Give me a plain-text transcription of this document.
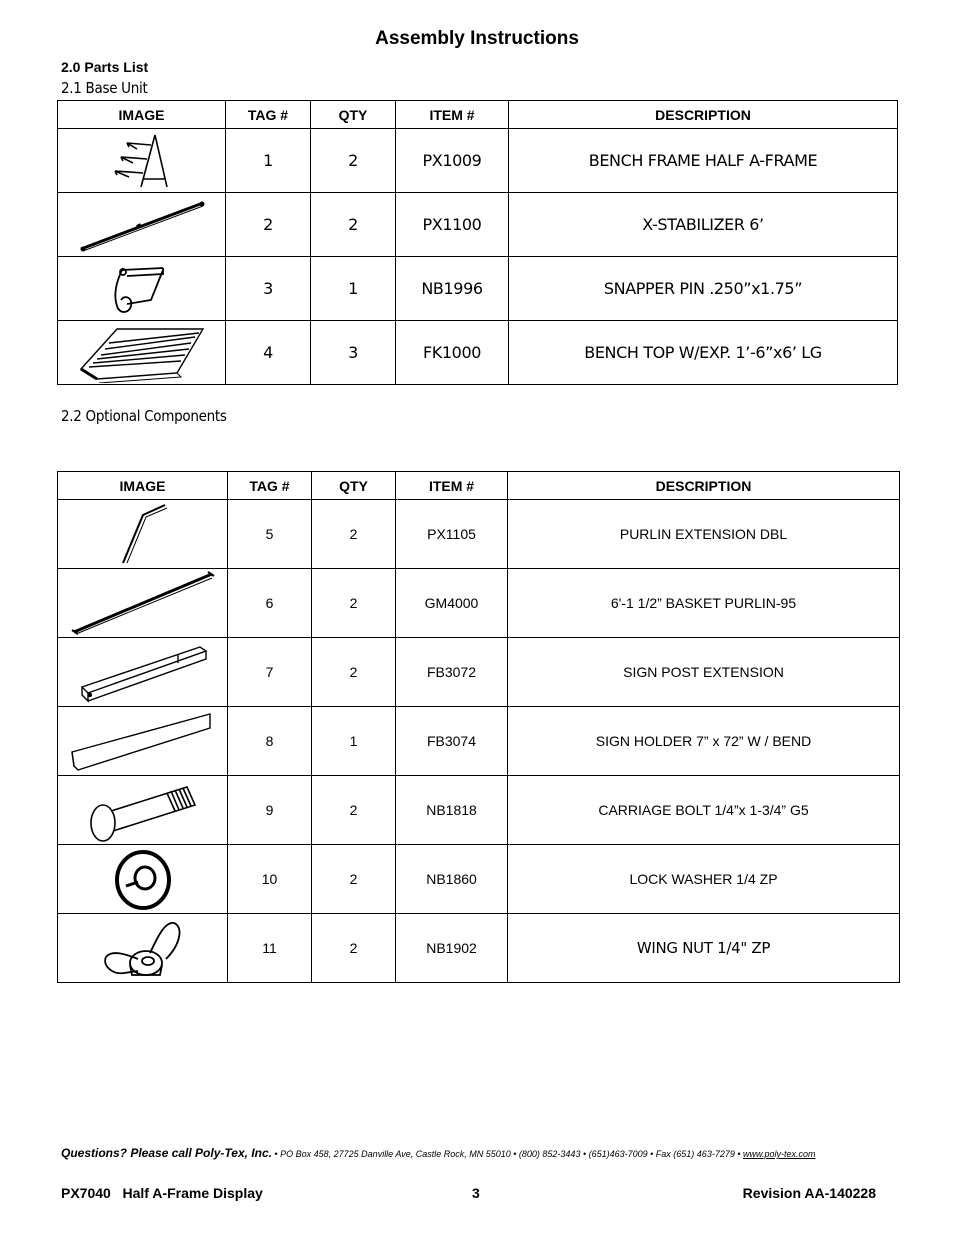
Assembly Instructions
2.0 Parts List
2.1 Base Unit
IMAGE	TAG #	QTY	ITEM #	DESCRIPTION

	1	2	PX1009	BENCH FRAME HALF A-FRAME

	2	2	PX1100	X-STABILIZER 6’

	3	1	NB1996	SNAPPER PIN .250”x1.75”

	4	3	FK1000	BENCH TOP W/EXP. 1’-6”x6’ LG
2.2 Optional Components
IMAGE	TAG #	QTY	ITEM #	DESCRIPTION

	5	2	PX1105	PURLIN EXTENSION DBL

	6	2	GM4000	6'-1 1/2” BASKET PURLIN-95

	7	2	FB3072	SIGN POST EXTENSION

	8	1	FB3074	SIGN HOLDER 7” x 72” W / BEND

	9	2	NB1818	CARRIAGE BOLT 1/4”x 1-3/4” G5

	10	2	NB1860	LOCK WASHER 1/4 ZP

	11	2	NB1902	WING NUT 1/4" ZP
Questions? Please call Poly-Tex, Inc. • PO Box 458, 27725 Danville Ave, Castle Rock, MN 55010 • (800) 852-3443 • (651)463-7009 • Fax (651) 463-7279 • www.poly-tex.com
PX7040   Half A-Frame Display	3	Revision AA-140228
